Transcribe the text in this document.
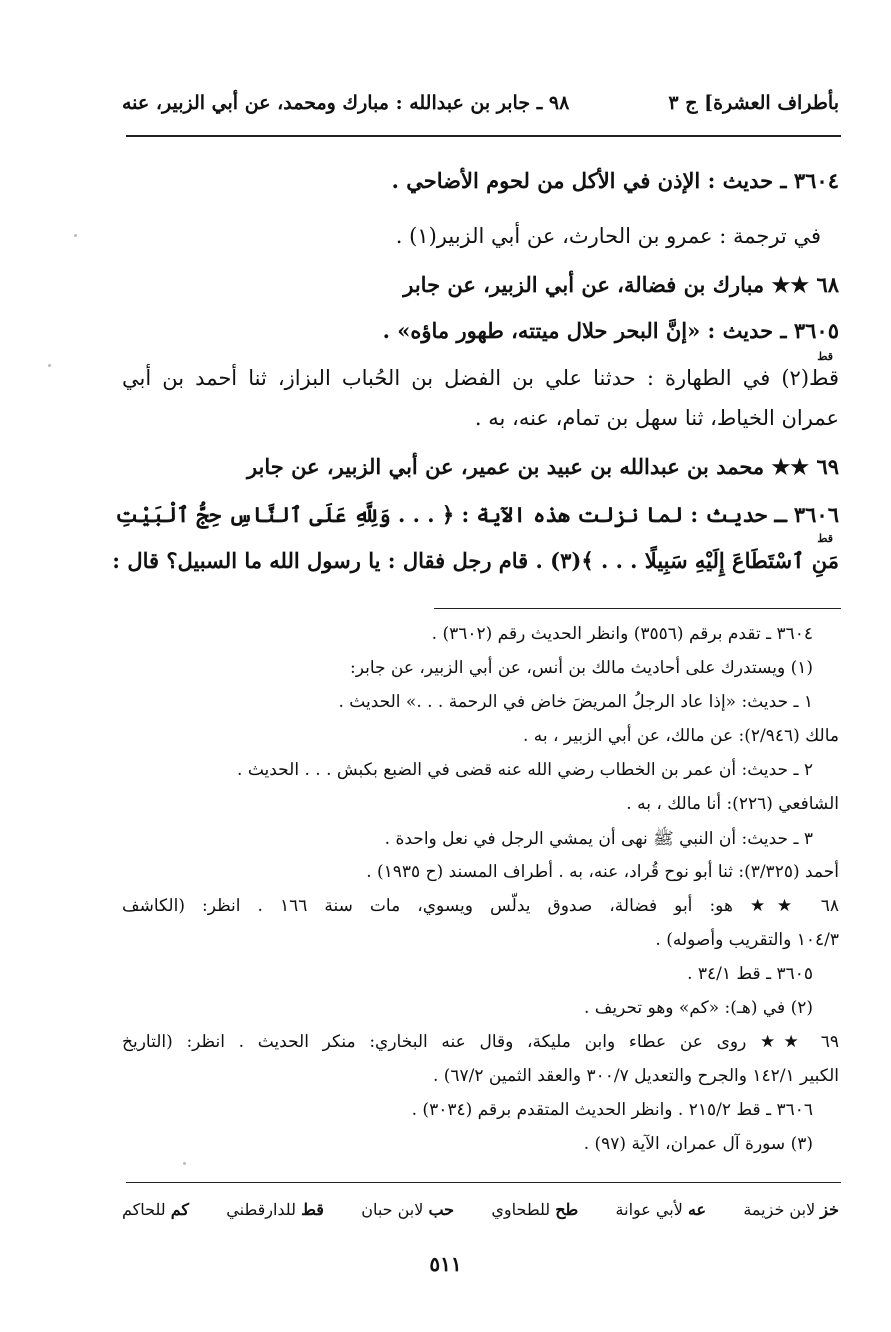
بأطراف العشرة] ج ٣
٩٨ ـ جابر بن عبدالله : مبارك ومحمد، عن أبي الزبير، عنه
٣٦٠٤ ـ حديث : الإذن في الأكل من لحوم الأضاحي .
في ترجمة : عمرو بن الحارث، عن أبي الزبير(١) .
٦٨ ★★ مبارك بن فضالة، عن أبي الزبير، عن جابر
٣٦٠٥ ـ حديث : «إنَّ البحر حلال ميتته، طهور ماؤه» .
قط(٢) في الطهارة : حدثنا علي بن الفضل بن الحُباب البزاز، ثنا أحمد بن أبي
عمران الخياط، ثنا سهل بن تمام، عنه، به .
٦٩ ★★ محمد بن عبدالله بن عبيد بن عمير، عن أبي الزبير، عن جابر
٣٦٠٦ ـ حديث : لما نزلت هذه الآية : ﴿ . . . وَلِلَّهِ عَلَى ٱلنَّاسِ حِجُّ ٱلْبَيْتِ
مَنِ ٱسْتَطَاعَ إِلَيْهِ سَبِيلًا . . . ﴾(٣) . قام رجل فقال : يا رسول الله ما السبيل؟ قال :
قط
قط
٣٦٠٤ ـ تقدم برقم (٣٥٥٦) وانظر الحديث رقم (٣٦٠٢) .
(١) ويستدرك على أحاديث مالك بن أنس، عن أبي الزبير، عن جابر:
١ ـ حديث: «إذا عاد الرجلُ المريضَ خاض في الرحمة . . .» الحديث .
مالك (٢/٩٤٦): عن مالك، عن أبي الزبير ، به .
٢ ـ حديث: أن عمر بن الخطاب رضي الله عنه قضى في الضبع بكبش . . . الحديث .
الشافعي (٢٢٦): أنا مالك ، به .
٣ ـ حديث: أن النبي ﷺ نهى أن يمشي الرجل في نعل واحدة .
أحمد (٣/٣٢٥): ثنا أبو نوح قُراد، عنه، به . أطراف المسند (ح ١٩٣٥) .
٦٨ ★★ هو: أبو فضالة، صدوق يدلّس ويسوي، مات سنة ١٦٦ . انظر: (الكاشف
١٠٤/٣ والتقريب وأصوله) .
٣٦٠٥ ـ قط ٣٤/١ .
(٢) في (هـ): «كم» وهو تحريف .
٦٩ ★★ روى عن عطاء وابن مليكة، وقال عنه البخاري: منكر الحديث . انظر: (التاريخ
الكبير ١٤٢/١ والجرح والتعديل ٣٠٠/٧ والعقد الثمين ٦٧/٢) .
٣٦٠٦ ـ قط ٢١٥/٢ . وانظر الحديث المتقدم برقم (٣٠٣٤) .
(٣) سورة آل عمران، الآية (٩٧) .
خز لابن خزيمة
عه لأبي عوانة
طح للطحاوي
حب لابن حبان
قط للدارقطني
كم للحاكم
٥١١
